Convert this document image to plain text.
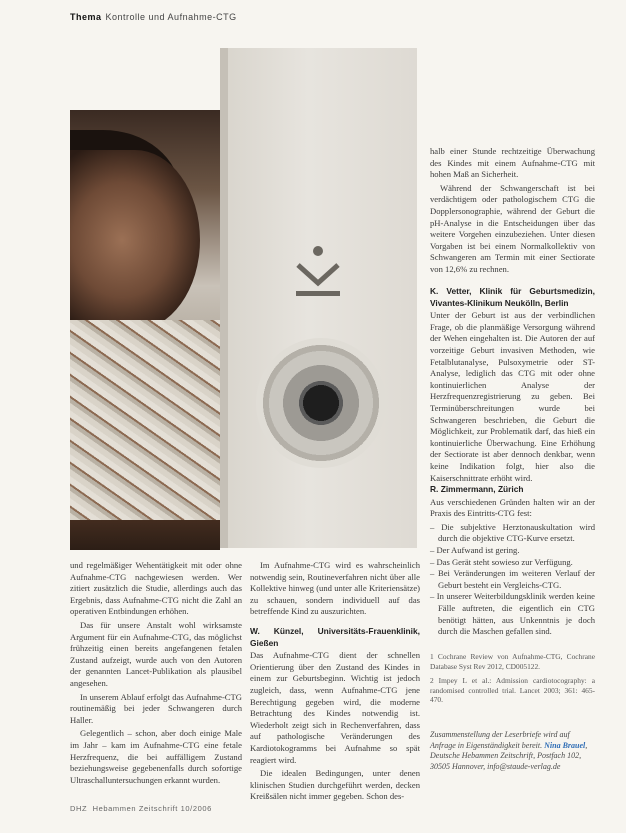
Thema Kontrolle und Aufnahme-CTG

halb einer Stunde rechtzeitige Überwachung des Kindes mit einem Aufnahme-CTG mit hohen Maß an Sicherheit.

Während der Schwangerschaft ist bei verdächtigem oder pathologischem CTG die Dopplersonographie, während der Geburt die pH-Analyse in die Entscheidungen über das weitere Vorgehen einzubeziehen. Unter diesen Vorgaben ist bei einem Normalkollektiv von Schwangeren am Termin mit einer Sectiorate von 12,6% zu rechnen.

K. Vetter, Klinik für Geburtsmedizin, Vivantes-Klinikum Neukölln, Berlin

Unter der Geburt ist aus der verbindlichen Frage, ob die planmäßige Versorgung während der Wehen eingehalten ist. Die Autoren der auf vorzeitige Geburt invasiven Methoden, wie Fetalblutanalyse, Pulsoxymetrie oder ST-Analyse, lediglich das CTG mit oder ohne kontinuierlichen Analyse der Herzfrequenzregistrierung zu geben. Bei Terminüberschreitungen wurde bei Schwangeren beschrieben, die Geburt die Möglichkeit, zur Problematik darf, das hieß ein kontinuierliche Überwachung. Eine Erhöhung der Sectiorate ist aber dennoch denkbar, wenn keine Indikation folgt, hier also die Kaiserschnittrate erhöht wird.

R. Zimmermann, Zürich

Aus verschiedenen Gründen halten wir an der Praxis des Eintritts-CTG fest:

– Die subjektive Herztonauskultation wird durch die objektive CTG-Kurve ersetzt.
– Der Aufwand ist gering.
– Das Gerät steht sowieso zur Verfügung.
– Bei Veränderungen im weiteren Verlauf der Geburt besteht ein Vergleichs-CTG.
– In unserer Weiterbildungsklinik werden keine Fälle auftreten, die eigentlich ein CTG benötigt hätten, aus Unkenntnis je doch durch die Maschen gefallen sind.

1 Cochrane Review von Aufnahme-CTG, Cochrane Database Syst Rev 2012, CD005122.

2 Impey L et al.: Admission cardiotocography: a randomised controlled trial. Lancet 2003; 361: 465-470.

Zusammenstellung der Leserbriefe wird auf Anfrage in Eigenständigkeit bereit. Nina Brauel, Deutsche Hebammen Zeitschrift, Postfach 102, 30505 Hannover, info@staude-verlag.de

und regelmäßiger Wehentätigkeit mit oder ohne Aufnahme-CTG nachgewiesen werden. Wer zitiert zusätzlich die Studie, allerdings auch das Ergebnis, dass Aufnahme-CTG nicht die Zahl an operativen Entbindungen erhöhen.

Das für unsere Anstalt wohl wirksamste Argument für ein Aufnahme-CTG, das möglichst frühzeitig einen bereits angefangenen fetalen Zustand aufzeigt, wurde auch von den Autoren der genannten Lancet-Publikation als plausibel angesehen.

In unserem Ablauf erfolgt das Aufnahme-CTG routinemäßig bei jeder Schwangeren durch Haller.

Gelegentlich – schon, aber doch einige Male im Jahr – kam im Aufnahme-CTG eine fetale Herzfrequenz, die bei auffälligem Zustand beziehungsweise gegebenenfalls durch sofortige Ultraschalluntersuchungen erkannt wurden.

Im Aufnahme-CTG wird es wahrscheinlich notwendig sein, Routineverfahren nicht über alle Kollektive hinweg (und unter alle Kriteriensätze) zu schauen, sondern individuell auf das betreffende Kind zu auszurichten.

W. Künzel, Universitäts-Frauenklinik, Gießen

Das Aufnahme-CTG dient der schnellen Orientierung über den Zustand des Kindes in einem zur Geburtsbeginn. Wichtig ist jedoch zugleich, dass, wenn Aufnahme-CTG jene Berechtigung gegeben wird, die moderne Betrachtung des Kindes notwendig ist. Wiederholt zeigt sich in Rechenverfahren, dass auf pathologische Veränderungen des Kardiotokogramms bei Aufnahme so spät reagiert wird.

Die idealen Bedingungen, unter denen klinischen Studien durchgeführt werden, decken Kreißsälen nicht immer gegeben. Schon des-

DHZ Hebammen Zeitschrift 10/2006
